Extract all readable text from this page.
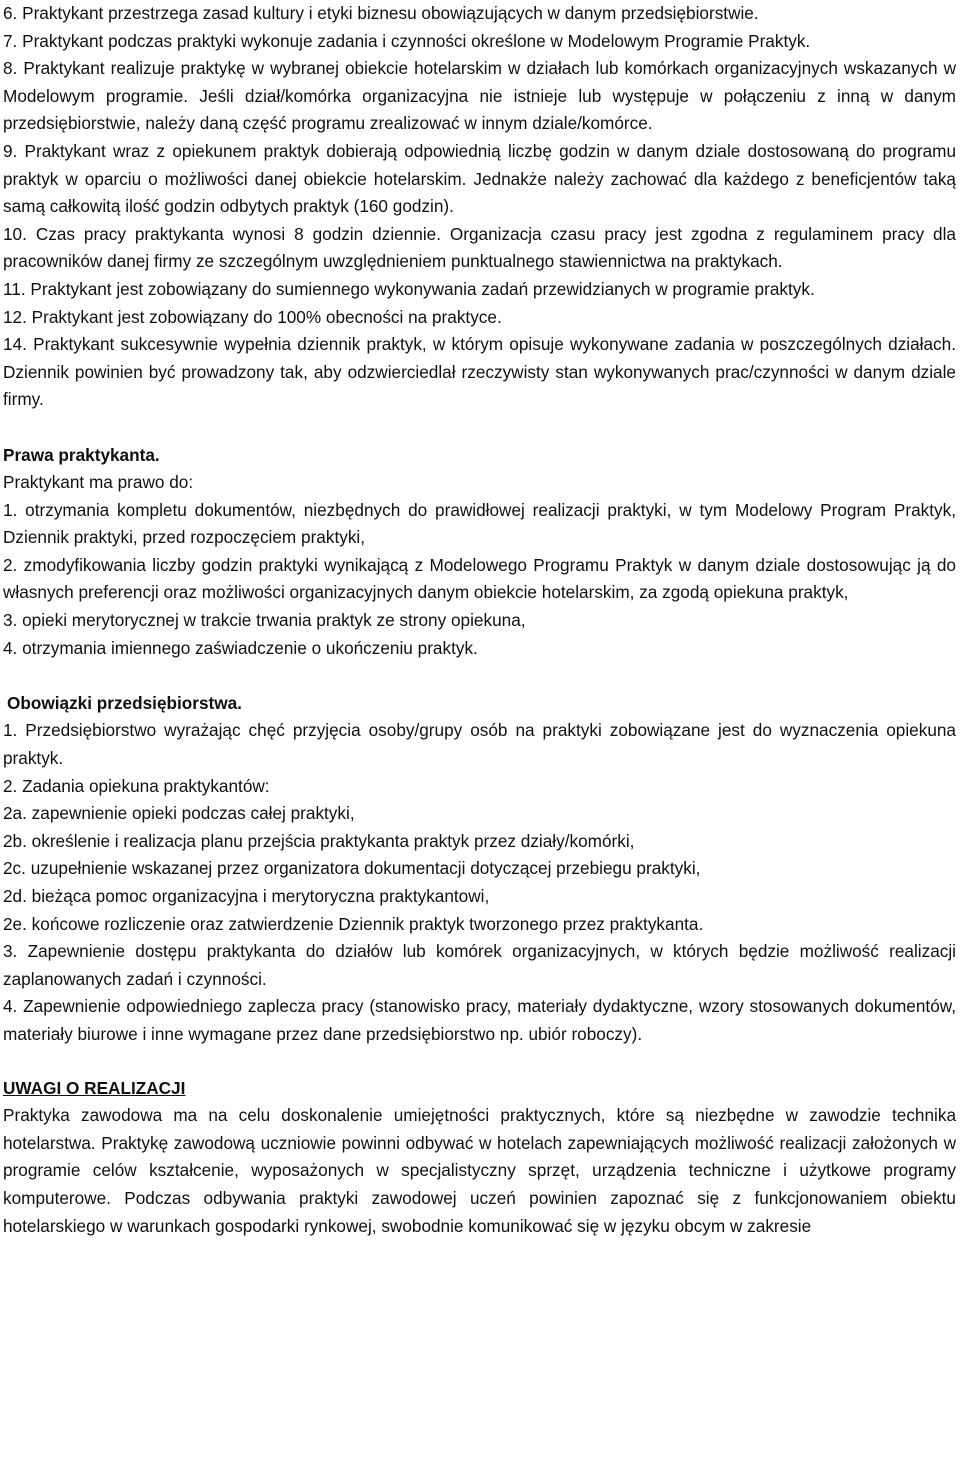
6. Praktykant przestrzega zasad kultury i etyki biznesu obowiązujących w danym przedsiębiorstwie.

7. Praktykant podczas praktyki wykonuje zadania i czynności określone w Modelowym Programie Praktyk.

8. Praktykant realizuje praktykę w wybranej obiekcie hotelarskim w działach lub komórkach organizacyjnych wskazanych w Modelowym programie. Jeśli dział/komórka organizacyjna nie istnieje lub występuje w połączeniu z inną w danym przedsiębiorstwie, należy daną część programu zrealizować w innym dziale/komórce.

9. Praktykant wraz z opiekunem praktyk dobierają odpowiednią liczbę godzin w danym dziale dostosowaną do programu praktyk w oparciu o możliwości danej obiekcie hotelarskim. Jednakże należy zachować dla każdego z beneficjentów taką samą całkowitą ilość godzin odbytych praktyk (160 godzin).

10. Czas pracy praktykanta wynosi 8 godzin dziennie. Organizacja czasu pracy jest zgodna z regulaminem pracy dla pracowników danej firmy ze szczególnym uwzględnieniem punktualnego stawiennictwa na praktykach.

11. Praktykant jest zobowiązany do sumiennego wykonywania zadań przewidzianych w programie praktyk.

12. Praktykant jest zobowiązany do 100% obecności na praktyce.

14. Praktykant sukcesywnie wypełnia dziennik praktyk, w którym opisuje wykonywane zadania w poszczególnych działach. Dziennik powinien być prowadzony tak, aby odzwierciedlał rzeczywisty stan wykonywanych prac/czynności w danym dziale firmy.

Prawa praktykanta.

Praktykant ma prawo do:

1. otrzymania kompletu dokumentów, niezbędnych do prawidłowej realizacji praktyki, w tym Modelowy Program Praktyk, Dziennik praktyki, przed rozpoczęciem praktyki,

2. zmodyfikowania liczby godzin praktyki wynikającą z Modelowego Programu Praktyk w danym dziale dostosowując ją do własnych preferencji oraz możliwości organizacyjnych danym obiekcie hotelarskim, za zgodą opiekuna praktyk,

3. opieki merytorycznej w trakcie trwania praktyk ze strony opiekuna,

4. otrzymania imiennego zaświadczenie o ukończeniu praktyk.

Obowiązki przedsiębiorstwa.

1. Przedsiębiorstwo wyrażając chęć przyjęcia osoby/grupy osób na praktyki zobowiązane jest do wyznaczenia opiekuna praktyk.

2. Zadania opiekuna praktykantów:

2a. zapewnienie opieki podczas całej praktyki,

2b. określenie i realizacja planu przejścia praktykanta praktyk przez działy/komórki,

2c. uzupełnienie wskazanej przez organizatora dokumentacji dotyczącej przebiegu praktyki,

2d. bieżąca pomoc organizacyjna i merytoryczna praktykantowi,

2e. końcowe rozliczenie oraz zatwierdzenie Dziennik praktyk tworzonego przez praktykanta.

3. Zapewnienie dostępu praktykanta do działów lub komórek organizacyjnych, w których będzie możliwość realizacji zaplanowanych zadań i czynności.

4. Zapewnienie odpowiedniego zaplecza pracy (stanowisko pracy, materiały dydaktyczne, wzory stosowanych dokumentów, materiały biurowe i inne wymagane przez dane przedsiębiorstwo np. ubiór roboczy).

UWAGI O REALIZACJI

Praktyka zawodowa ma na celu doskonalenie umiejętności praktycznych, które są niezbędne w zawodzie technika hotelarstwa. Praktykę zawodową uczniowie powinni odbywać w hotelach zapewniających możliwość realizacji założonych w programie celów kształcenie, wyposażonych w specjalistyczny sprzęt, urządzenia techniczne i użytkowe programy komputerowe. Podczas odbywania praktyki zawodowej uczeń powinien zapoznać się z funkcjonowaniem obiektu hotelarskiego w warunkach gospodarki rynkowej, swobodnie komunikować się w języku obcym w zakresie
